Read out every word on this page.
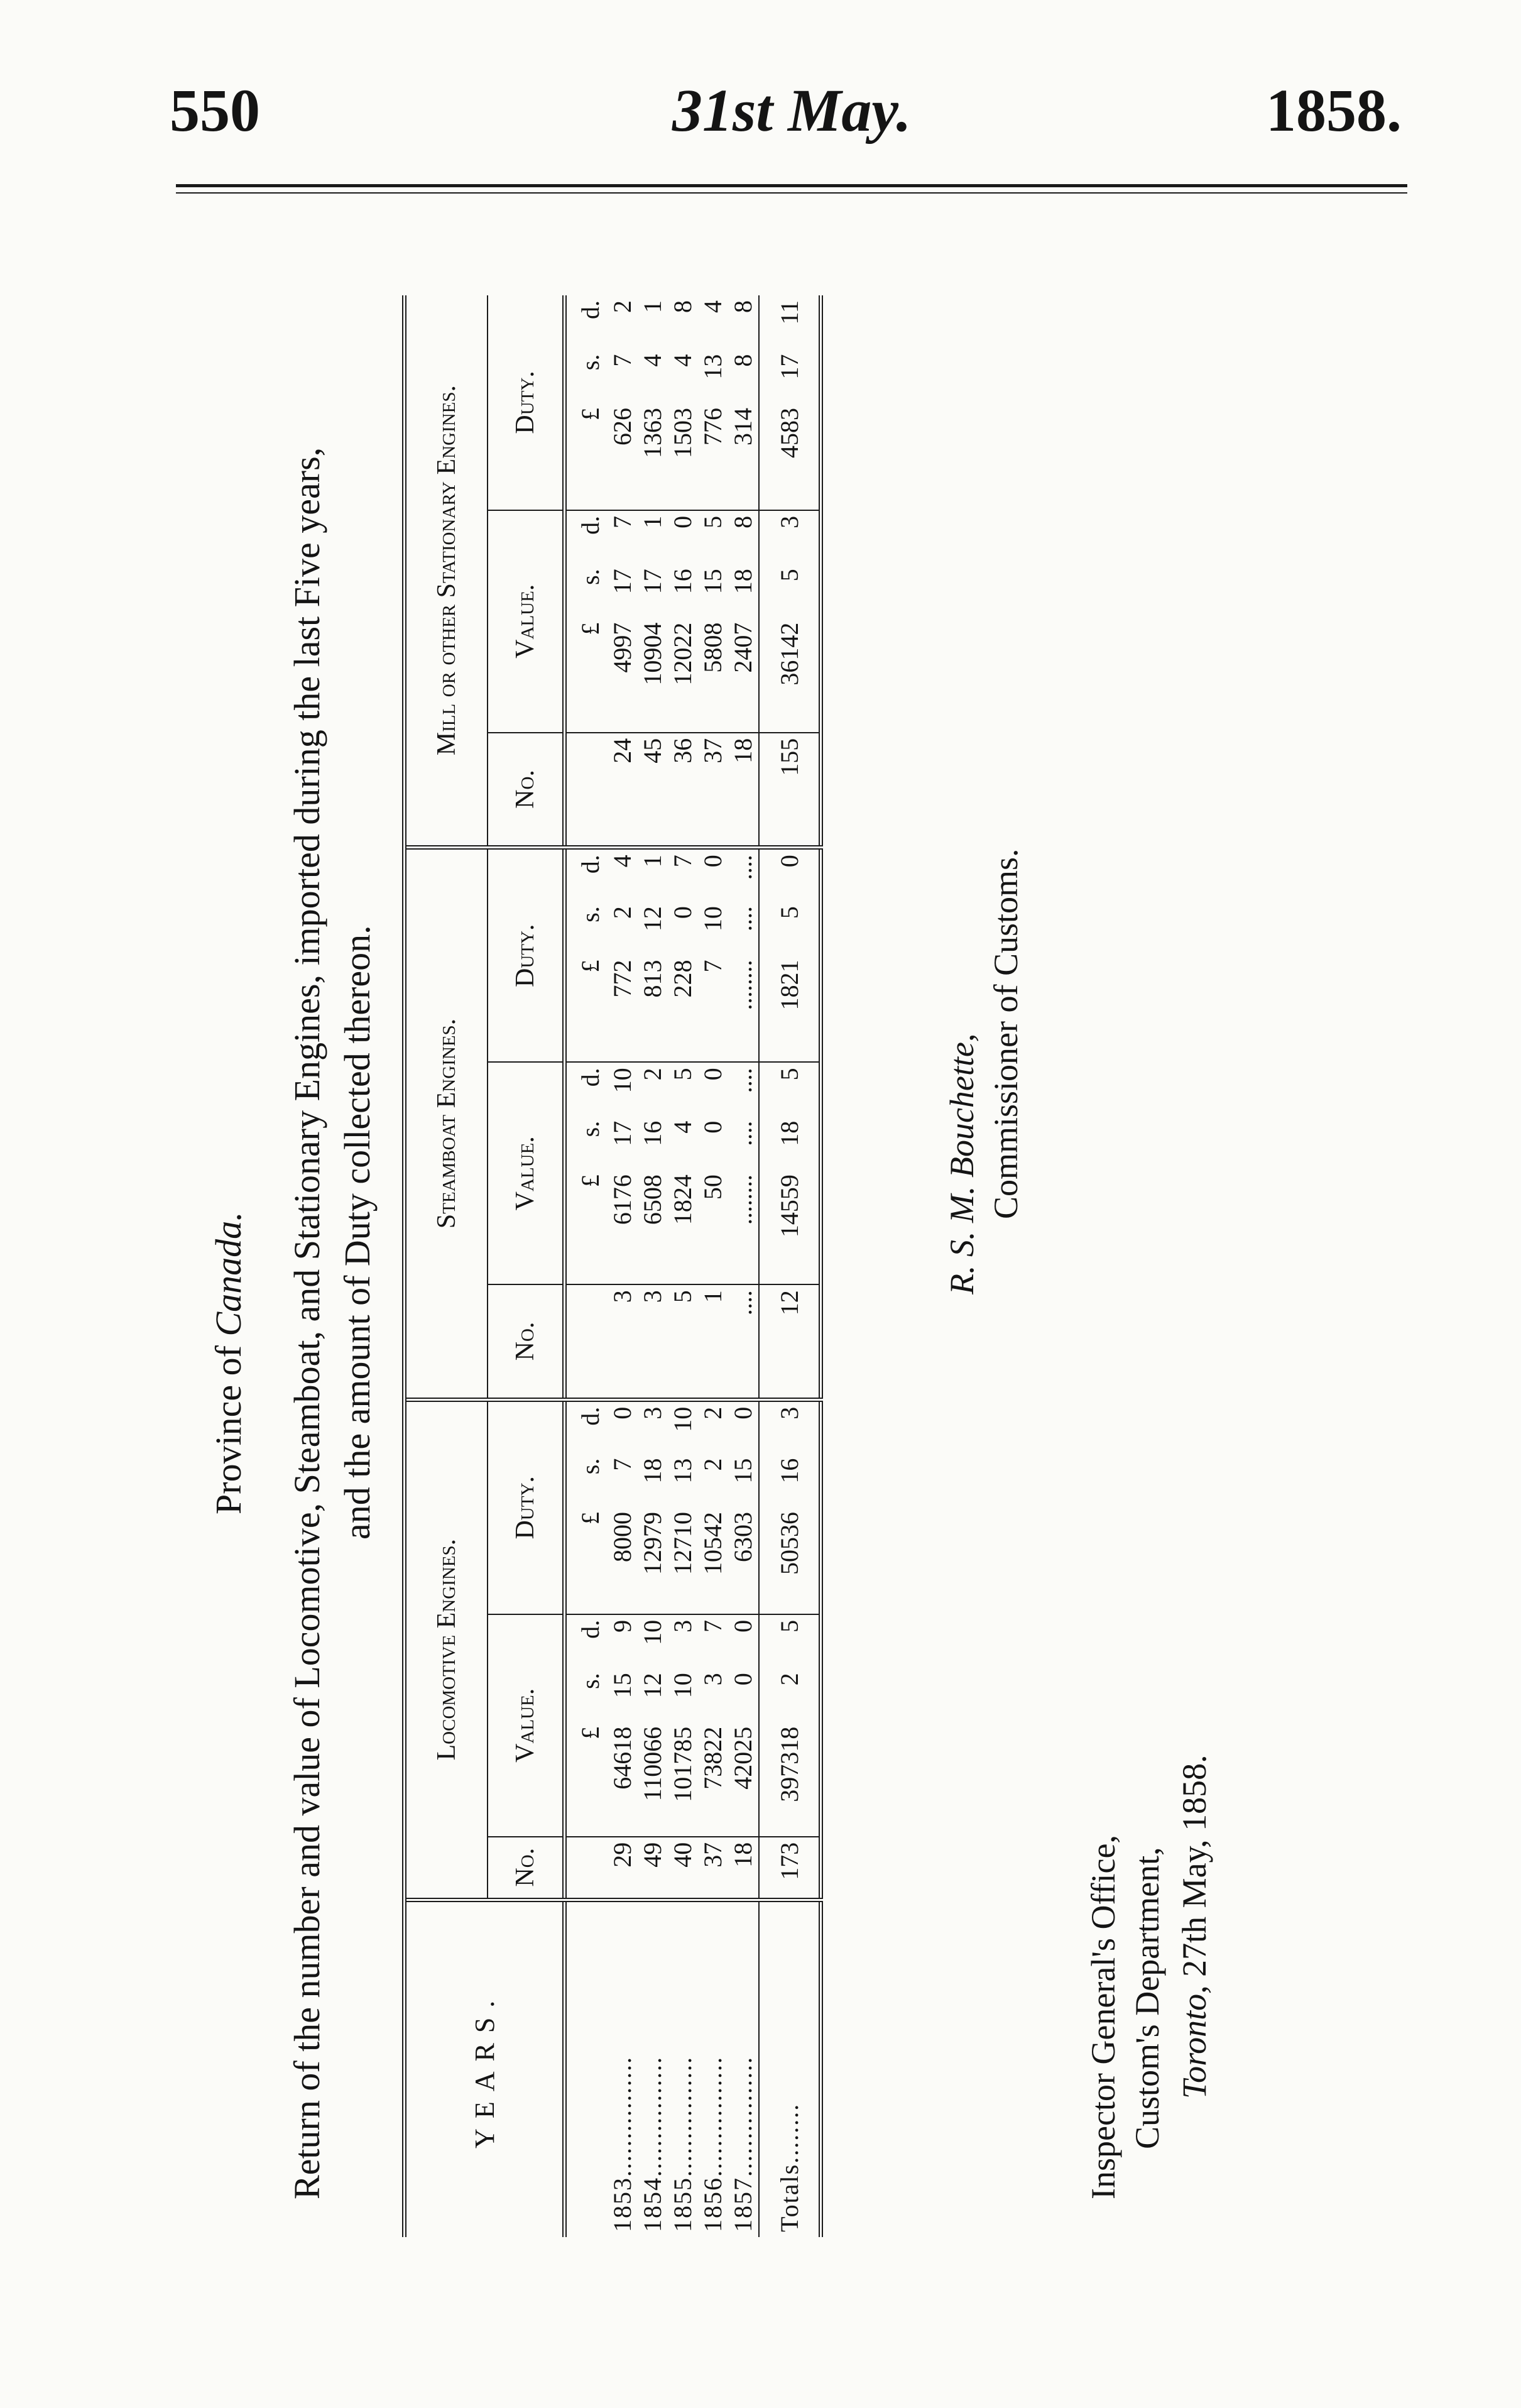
550	31st May.	1858.
Province of Canada. Return of the number and value of Locomotive, Steamboat, and Stationary Engines, imported during the last Five years, and the amount of Duty collected thereon.
YEARS.		Locomotive Engines.							Steamboat Engines.							Mill or other Stationary Engines.						
		No.	Value.			Duty.			No.	Value.			Duty.			No.	Value.			Duty.		
			£	s.	d.	£	s.	d.		£	s.	d.	£	s.	d.		£	s.	d.	£	s.	d.
1853................		29	64618	15	9	8000	7	0	3	6176	17	10	772	2	4	24	4997	17	7	626	7	2
1854................		49	110066	12	10	12979	18	3	3	6508	16	2	813	12	1	45	10904	17	1	1363	4	1
1855................		40	101785	10	3	12710	13	10	5	1824	4	5	228	0	7	36	12022	16	0	1503	4	8
1856................		37	73822	3	7	10542	2	2	1	50	0	0	7	10	0	37	5808	15	5	776	13	4
1857................		18	42025	0	0	6303	15	0	....	........	....	....	........	....	....	18	2407	18	8	314	8	8
Totals........		173	397318	2	5	50536	16	3	12	14559	18	5	1821	5	0	155	36142	5	3	4583	17	11
R. S. M. Bouchette, Commissioner of Customs.
Inspector General's Office, Custom's Department, Toronto, 27th May, 1858.
